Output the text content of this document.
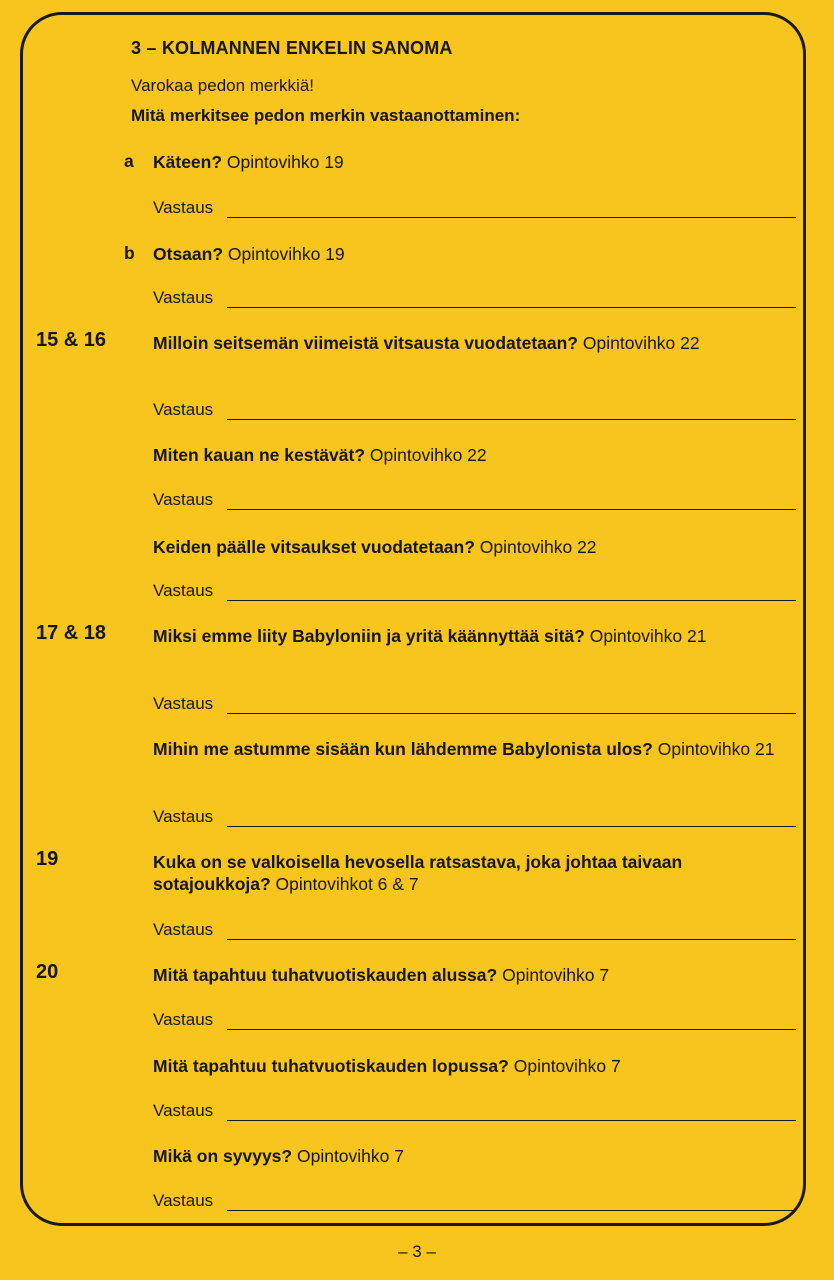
3 – KOLMANNEN ENKELIN SANOMA
Varokaa pedon merkkiä!
Mitä merkitsee pedon merkin vastaanottaminen:
a Käteen? Opintovihko 19
Vastaus
b Otsaan? Opintovihko 19
Vastaus
15 & 16	Milloin seitsemän viimeistä vitsausta vuodatetaan? Opintovihko 22
Vastaus
Miten kauan ne kestävät? Opintovihko 22
Vastaus
Keiden päälle vitsaukset vuodatetaan? Opintovihko 22
Vastaus
17 & 18	Miksi emme liity Babyloniin ja yritä käännyttää sitä? Opintovihko 21
Vastaus
Mihin me astumme sisään kun lähdemme Babylonista ulos? Opintovihko 21
Vastaus
19	Kuka on se valkoisella hevosella ratsastava, joka johtaa taivaan sotajoukkoja? Opintovihkot 6 & 7
Vastaus
20	Mitä tapahtuu tuhatvuotiskauden alussa? Opintovihko 7
Vastaus
Mitä tapahtuu tuhatvuotiskauden lopussa? Opintovihko 7
Vastaus
Mikä on syvyys? Opintovihko 7
Vastaus
– 3 –
